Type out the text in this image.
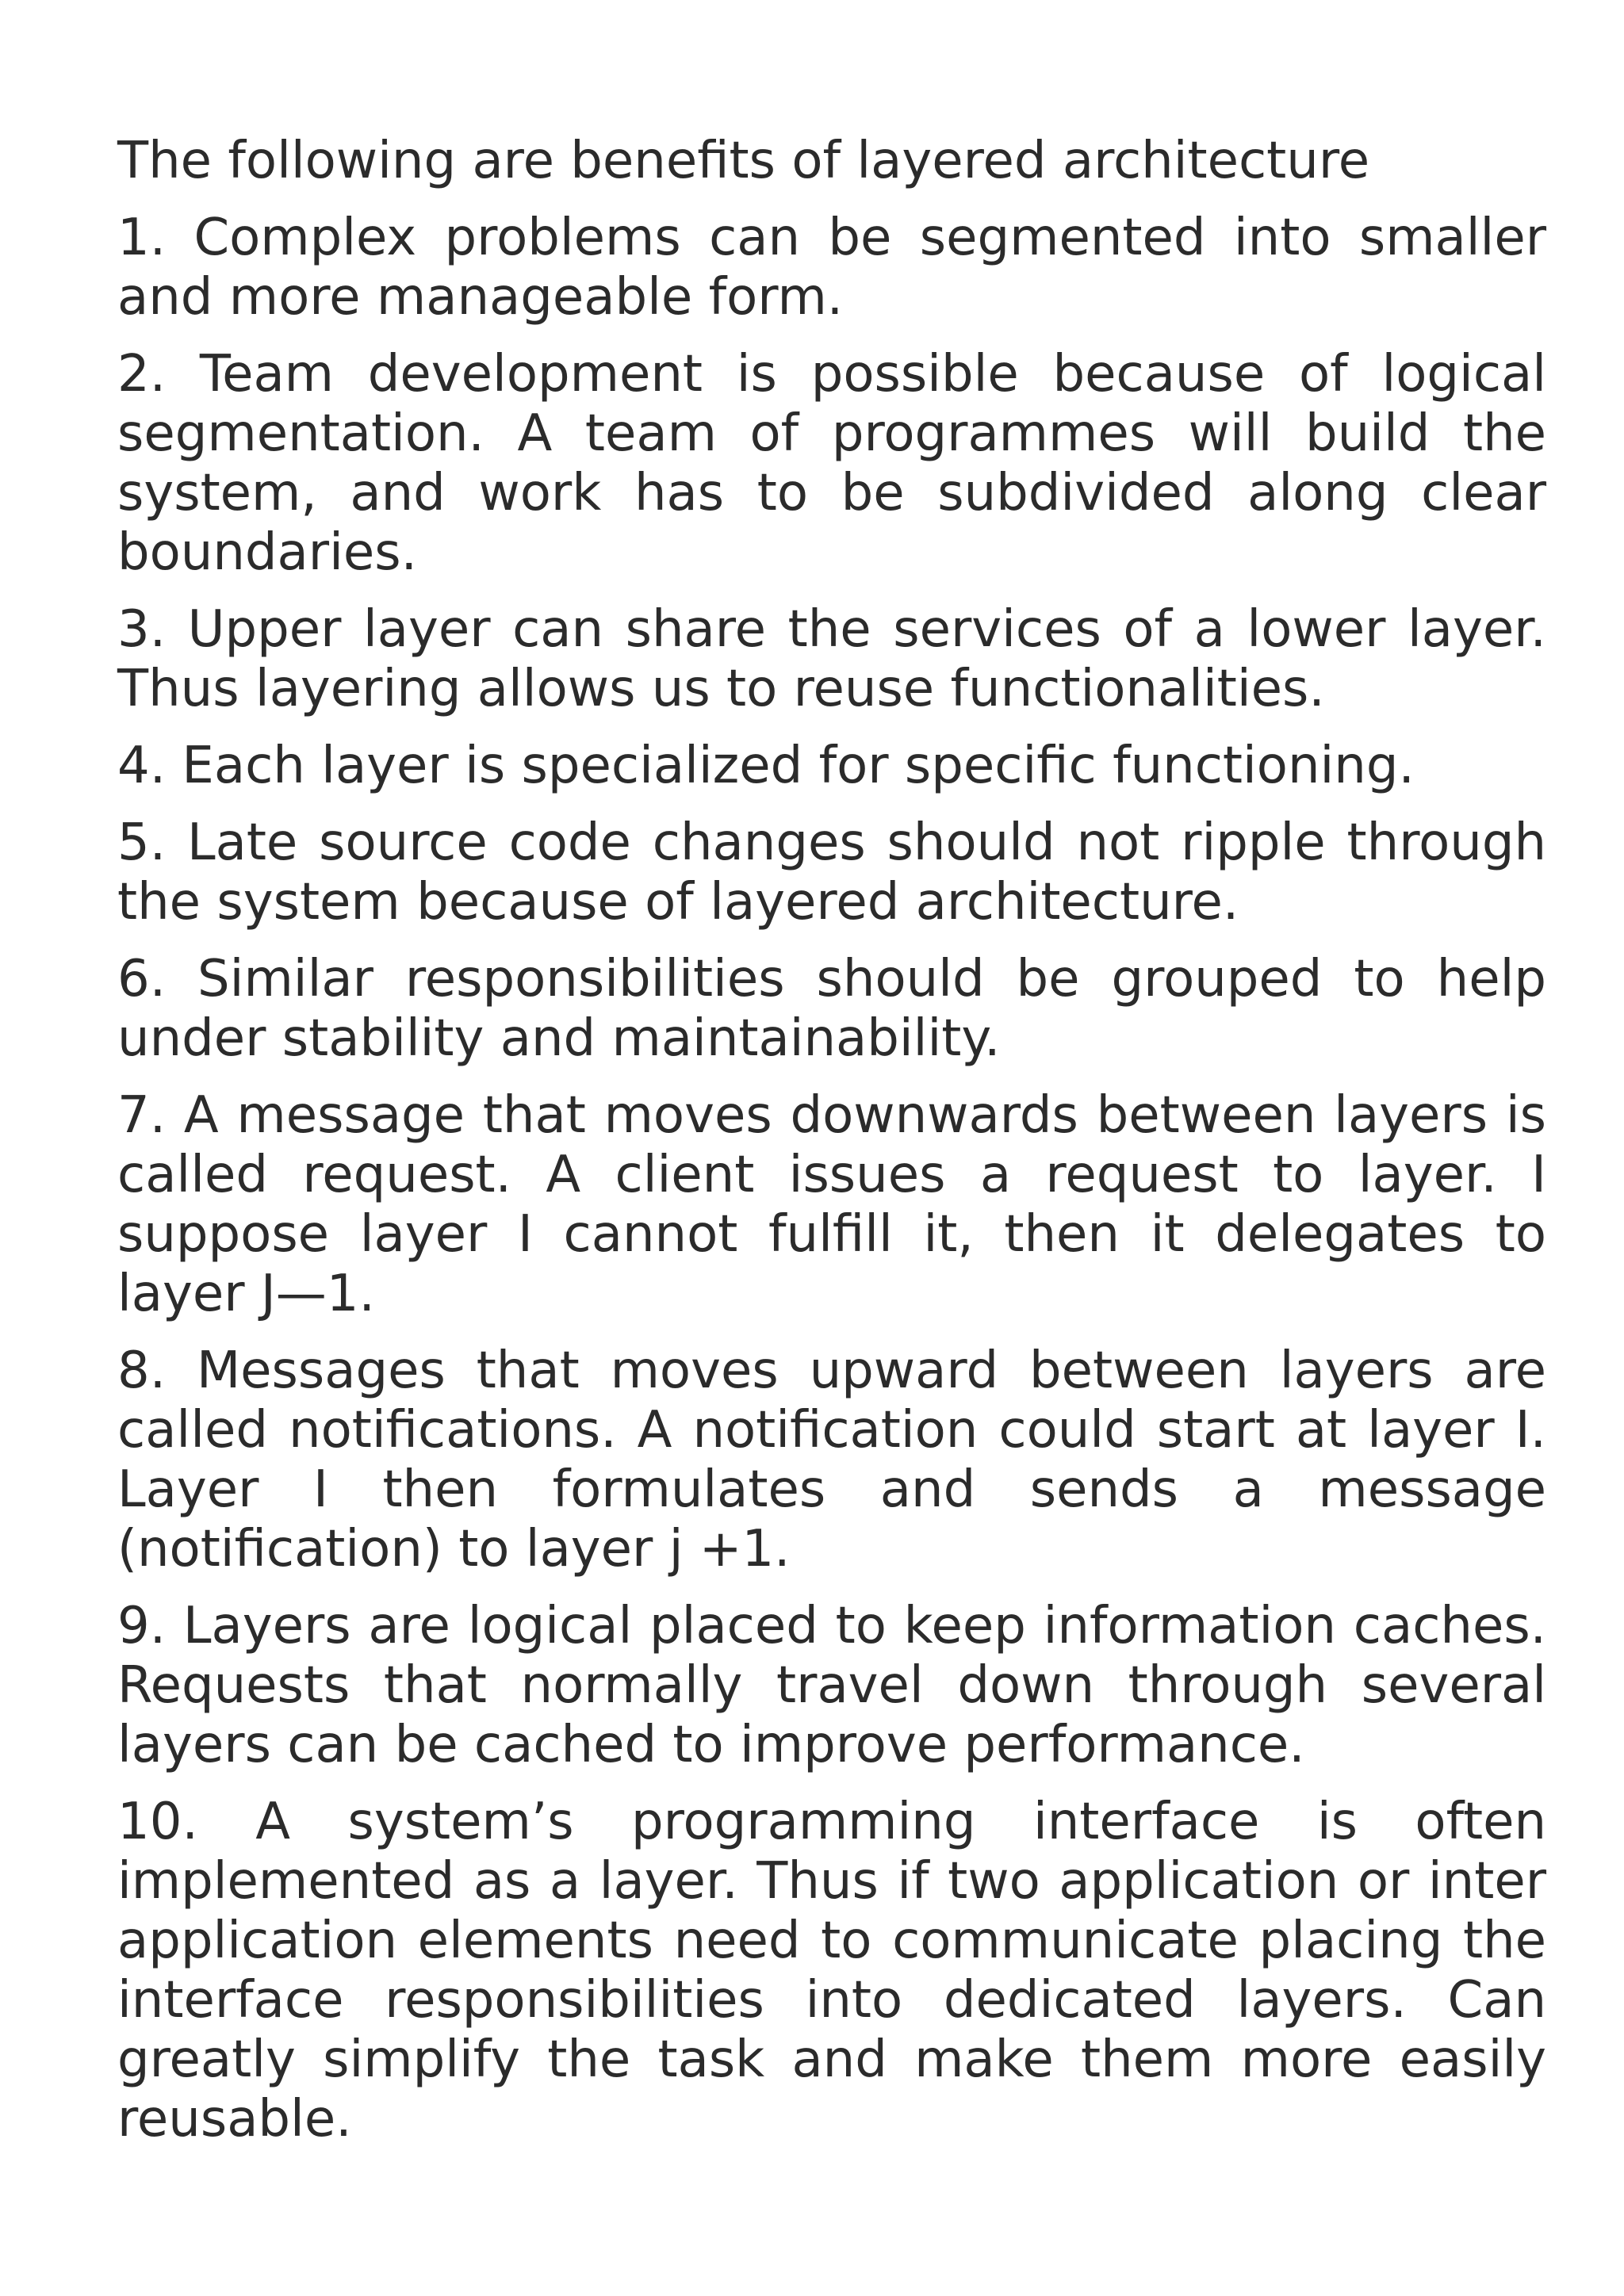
The following are benefits of layered architecture

1. Complex problems can be segmented into smaller and more manageable form.

2. Team development is possible because of logical segmentation. A team of programmes will build the system, and work has to be subdivided along clear boundaries.

3. Upper layer can share the services of a lower layer. Thus layering allows us to reuse functionalities.

4. Each layer is specialized for specific functioning.

5. Late source code changes should not ripple through the system because of layered architecture.

6. Similar responsibilities should be grouped to help under stability and maintainability.

7. A message that moves downwards between layers is called request. A client issues a request to layer. I suppose layer I cannot fulfill it, then it delegates to layer J—1.

8. Messages that moves upward between layers are called notifications. A notification could start at layer I. Layer I then formulates and sends a message (notification) to layer j +1.

9. Layers are logical placed to keep information caches. Requests that normally travel down through several layers can be cached to improve performance.

10. A system’s programming interface is often implemented as a layer. Thus if two application or inter application elements need to communicate placing the interface responsibilities into dedicated layers. Can greatly simplify the task and make them more easily reusable.
